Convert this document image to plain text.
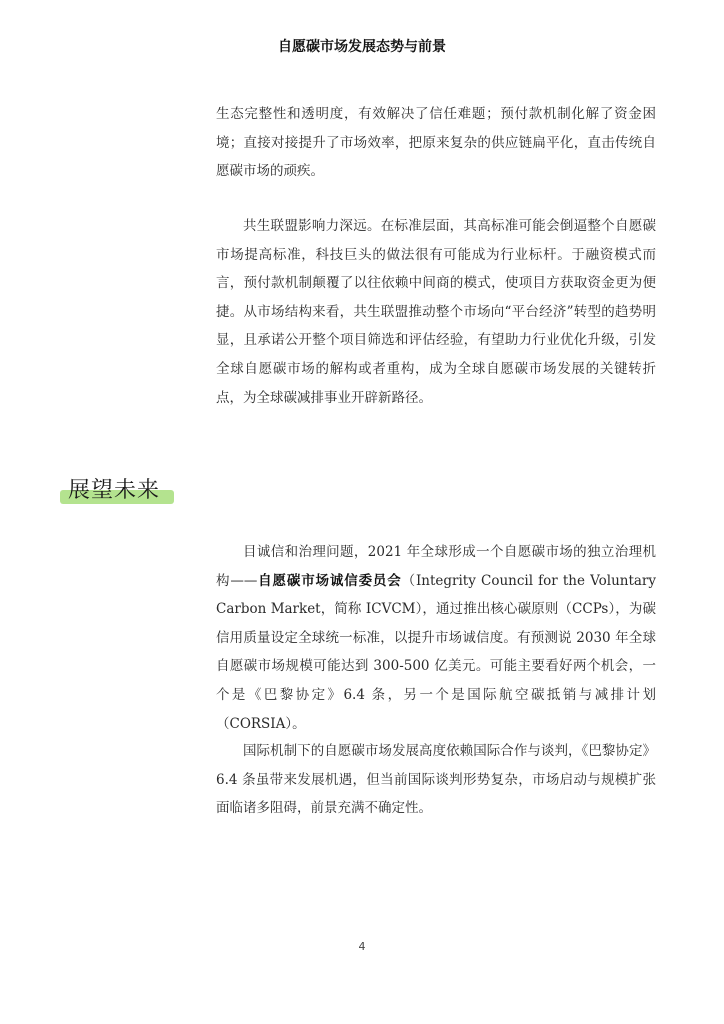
自愿碳市场发展态势与前景
生态完整性和透明度，有效解决了信任难题；预付款机制化解了资金困境；直接对接提升了市场效率，把原来复杂的供应链扁平化，直击传统自愿碳市场的顽疾。
共生联盟影响力深远。在标准层面，其高标准可能会倒逼整个自愿碳市场提高标准，科技巨头的做法很有可能成为行业标杆。于融资模式而言，预付款机制颠覆了以往依赖中间商的模式，使项目方获取资金更为便捷。从市场结构来看，共生联盟推动整个市场向“平台经济”转型的趋势明显，且承诺公开整个项目筛选和评估经验，有望助力行业优化升级，引发全球自愿碳市场的解构或者重构，成为全球自愿碳市场发展的关键转折点，为全球碳减排事业开辟新路径。
展望未来
目诚信和治理问题，2021 年全球形成一个自愿碳市场的独立治理机构——自愿碳市场诚信委员会（Integrity Council for the Voluntary Carbon Market，简称 ICVCM），通过推出核心碳原则（CCPs），为碳信用质量设定全球统一标准，以提升市场诚信度。有预测说 2030 年全球自愿碳市场规模可能达到 300-500 亿美元。可能主要看好两个机会，一个是《巴黎协定》6.4 条，另一个是国际航空碳抵销与减排计划（CORSIA）。
国际机制下的自愿碳市场发展高度依赖国际合作与谈判，《巴黎协定》6.4 条虽带来发展机遇，但当前国际谈判形势复杂，市场启动与规模扩张面临诸多阻碍，前景充满不确定性。
4
